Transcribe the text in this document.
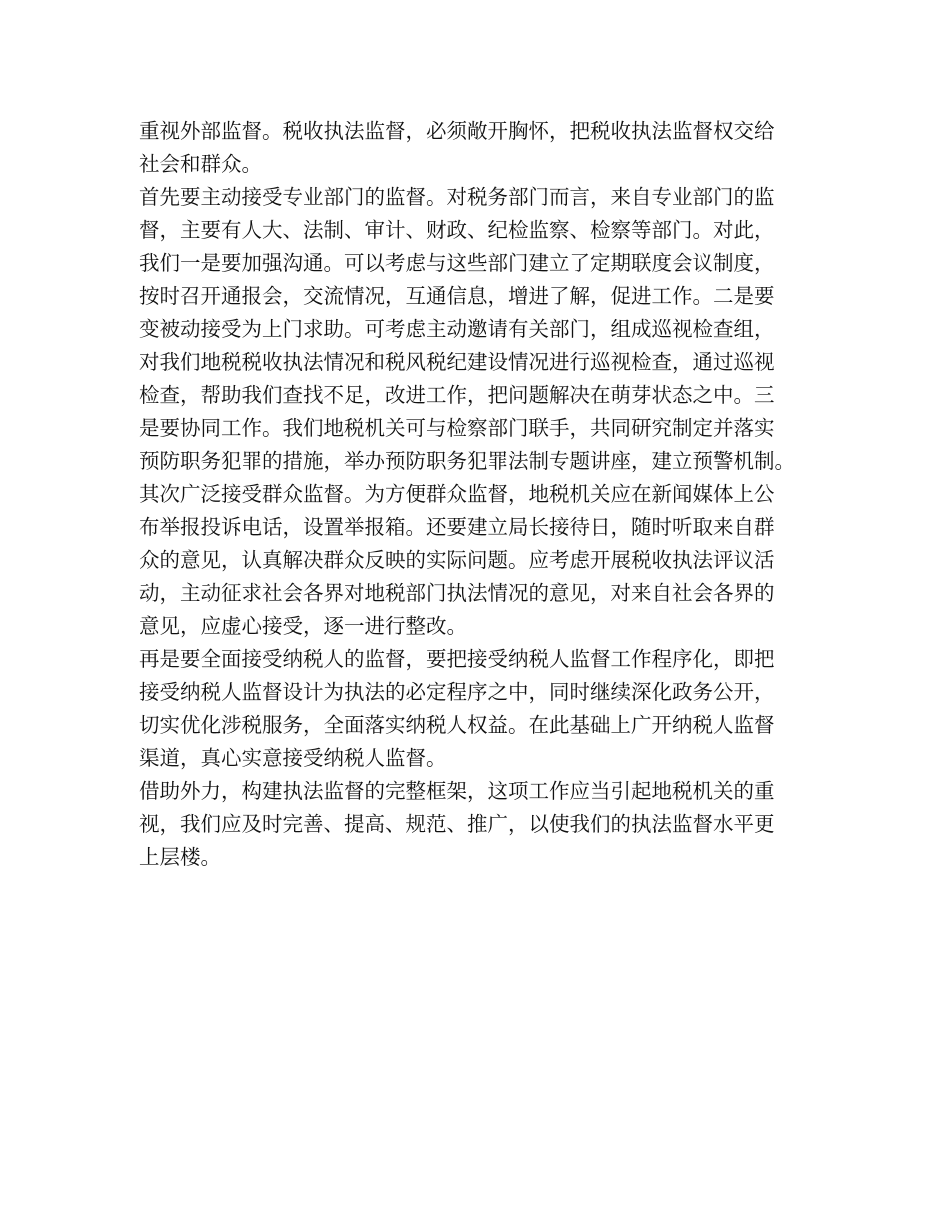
重视外部监督。税收执法监督，必须敞开胸怀，把税收执法监督权交给
社会和群众。
首先要主动接受专业部门的监督。对税务部门而言，来自专业部门的监
督，主要有人大、法制、审计、财政、纪检监察、检察等部门。对此，
我们一是要加强沟通。可以考虑与这些部门建立了定期联度会议制度，
按时召开通报会，交流情况，互通信息，增进了解，促进工作。二是要
变被动接受为上门求助。可考虑主动邀请有关部门，组成巡视检查组，
对我们地税税收执法情况和税风税纪建设情况进行巡视检查，通过巡视
检查，帮助我们查找不足，改进工作，把问题解决在萌芽状态之中。三
是要协同工作。我们地税机关可与检察部门联手，共同研究制定并落实
预防职务犯罪的措施，举办预防职务犯罪法制专题讲座，建立预警机制。
其次广泛接受群众监督。为方便群众监督，地税机关应在新闻媒体上公
布举报投诉电话，设置举报箱。还要建立局长接待日，随时听取来自群
众的意见，认真解决群众反映的实际问题。应考虑开展税收执法评议活
动，主动征求社会各界对地税部门执法情况的意见，对来自社会各界的
意见，应虚心接受，逐一进行整改。
再是要全面接受纳税人的监督，要把接受纳税人监督工作程序化，即把
接受纳税人监督设计为执法的必定程序之中，同时继续深化政务公开，
切实优化涉税服务，全面落实纳税人权益。在此基础上广开纳税人监督
渠道，真心实意接受纳税人监督。
借助外力，构建执法监督的完整框架，这项工作应当引起地税机关的重
视，我们应及时完善、提高、规范、推广，以使我们的执法监督水平更
上层楼。
